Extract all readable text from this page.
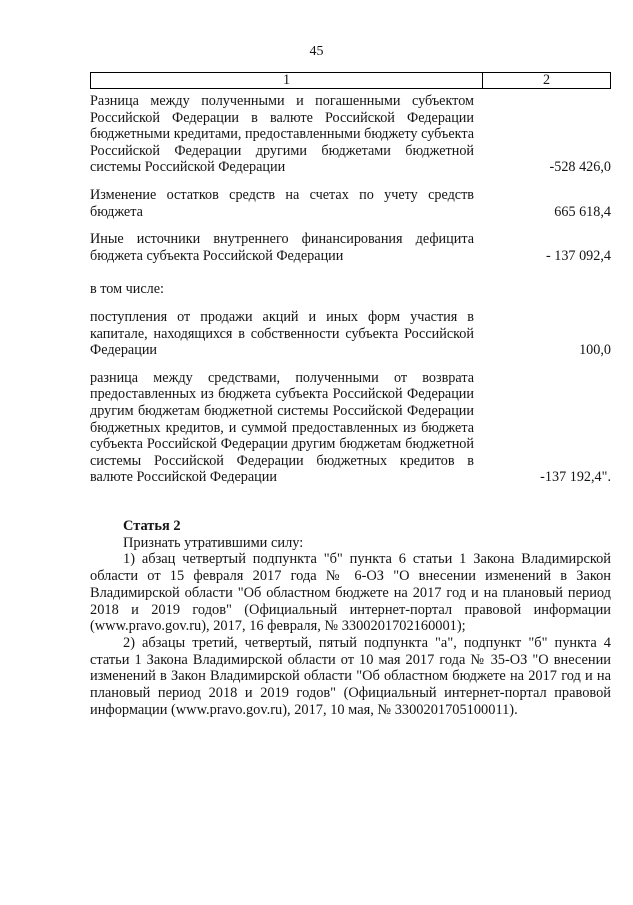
45
1	2
Разница между полученными и погашенными субъектом Российской Федерации в валюте Российской Федерации бюджетными кредитами, предоставленными бюджету субъекта Российской Федерации другими бюджетами бюджетной системы Российской Федерации	-528 426,0
Изменение остатков средств на счетах по учету средств бюджета	665 618,4
Иные источники внутреннего финансирования дефицита бюджета субъекта Российской Федерации	- 137 092,4
в том числе:
поступления от продажи акций и иных форм участия в капитале, находящихся в собственности субъекта Российской Федерации	100,0
разница между средствами, полученными от возврата предоставленных из бюджета субъекта Российской Федерации другим бюджетам бюджетной системы Российской Федерации бюджетных кредитов, и суммой предоставленных из бюджета субъекта Российской Федерации другим бюджетам бюджетной системы Российской Федерации бюджетных кредитов в валюте Российской Федерации	-137 192,4".
Статья 2
Признать утратившими силу:
1) абзац четвертый подпункта "б" пункта 6 статьи 1 Закона Владимирской области от 15 февраля 2017 года № 6-ОЗ "О внесении изменений в Закон Владимирской области "Об областном бюджете на 2017 год и на плановый период 2018 и 2019 годов" (Официальный интернет-портал правовой информации (www.pravo.gov.ru), 2017, 16 февраля, № 3300201702160001);
2) абзацы третий, четвертый, пятый подпункта "а", подпункт "б" пункта 4 статьи 1 Закона Владимирской области от 10 мая 2017 года № 35-ОЗ "О внесении изменений в Закон Владимирской области "Об областном бюджете на 2017 год и на плановый период 2018 и 2019 годов" (Официальный интернет-портал правовой информации (www.pravo.gov.ru), 2017, 10 мая, № 3300201705100011).
